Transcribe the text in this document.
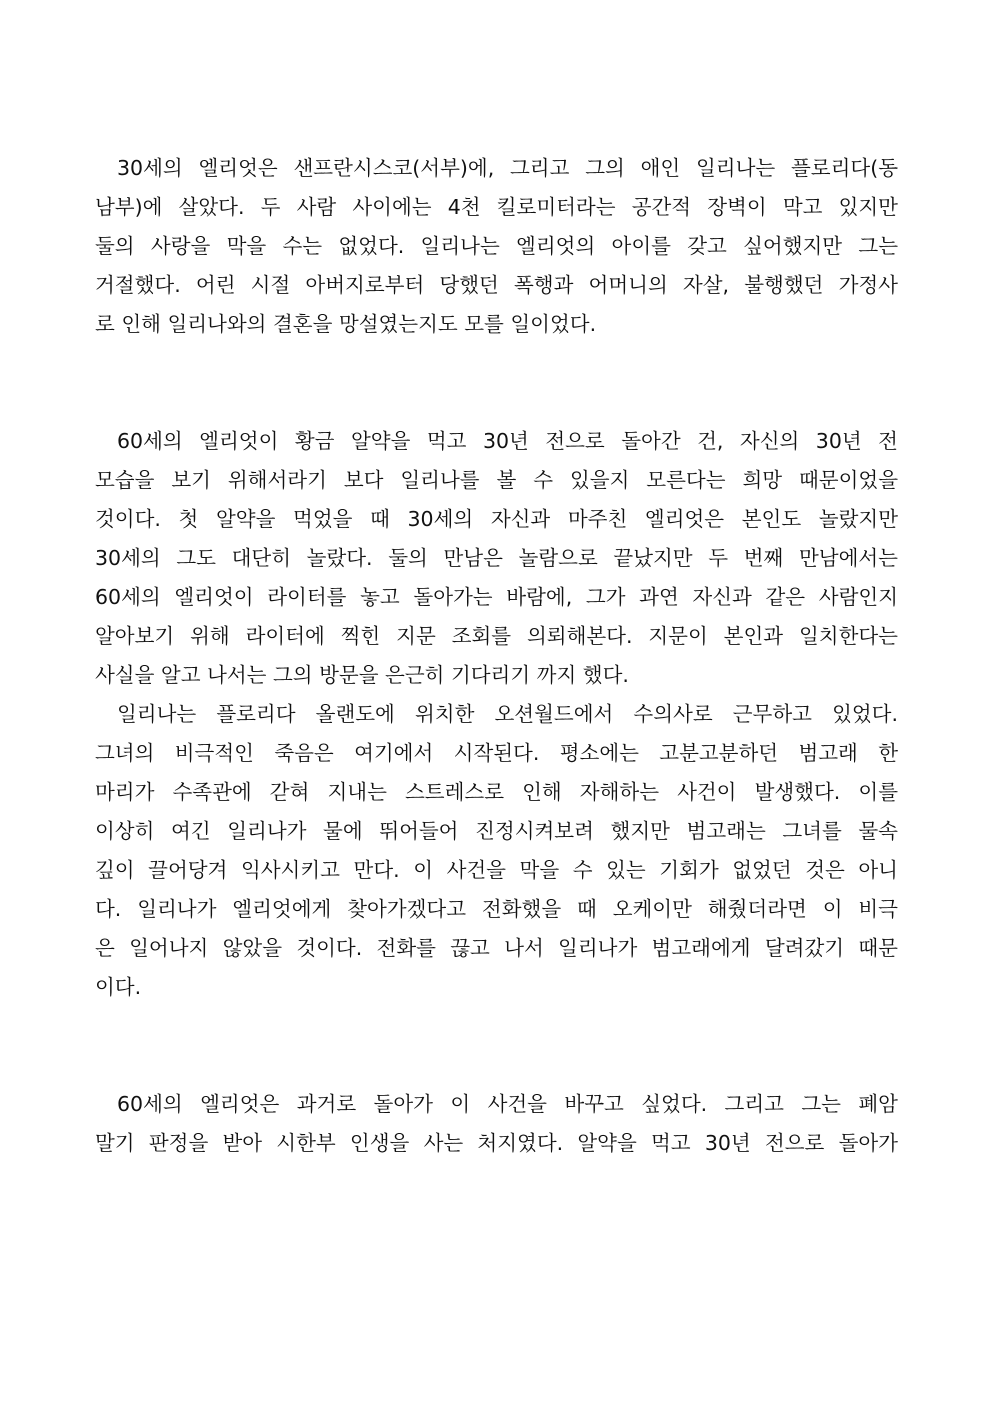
30세의 엘리엇은 샌프란시스코(서부)에, 그리고 그의 애인 일리나는 플로리다(동
남부)에 살았다. 두 사람 사이에는 4천 킬로미터라는 공간적 장벽이 막고 있지만
둘의 사랑을 막을 수는 없었다. 일리나는 엘리엇의 아이를 갖고 싶어했지만 그는
거절했다. 어린 시절 아버지로부터 당했던 폭행과 어머니의 자살, 불행했던 가정사
로 인해 일리나와의 결혼을 망설였는지도 모를 일이었다.
60세의 엘리엇이 황금 알약을 먹고 30년 전으로 돌아간 건, 자신의 30년 전
모습을 보기 위해서라기 보다 일리나를 볼 수 있을지 모른다는 희망 때문이었을
것이다. 첫 알약을 먹었을 때 30세의 자신과 마주친 엘리엇은 본인도 놀랐지만
30세의 그도 대단히 놀랐다. 둘의 만남은 놀람으로 끝났지만 두 번째 만남에서는
60세의 엘리엇이 라이터를 놓고 돌아가는 바람에, 그가 과연 자신과 같은 사람인지
알아보기 위해 라이터에 찍힌 지문 조회를 의뢰해본다. 지문이 본인과 일치한다는
사실을 알고 나서는 그의 방문을 은근히 기다리기 까지 했다.
일리나는 플로리다 올랜도에 위치한 오션월드에서 수의사로 근무하고 있었다.
그녀의 비극적인 죽음은 여기에서 시작된다. 평소에는 고분고분하던 범고래 한
마리가 수족관에 갇혀 지내는 스트레스로 인해 자해하는 사건이 발생했다. 이를
이상히 여긴 일리나가 물에 뛰어들어 진정시켜보려 했지만 범고래는 그녀를 물속
깊이 끌어당겨 익사시키고 만다. 이 사건을 막을 수 있는 기회가 없었던 것은 아니
다. 일리나가 엘리엇에게 찾아가겠다고 전화했을 때 오케이만 해줬더라면 이 비극
은 일어나지 않았을 것이다. 전화를 끊고 나서 일리나가 범고래에게 달려갔기 때문
이다.
60세의 엘리엇은 과거로 돌아가 이 사건을 바꾸고 싶었다. 그리고 그는 폐암
말기 판정을 받아 시한부 인생을 사는 처지였다. 알약을 먹고 30년 전으로 돌아가
